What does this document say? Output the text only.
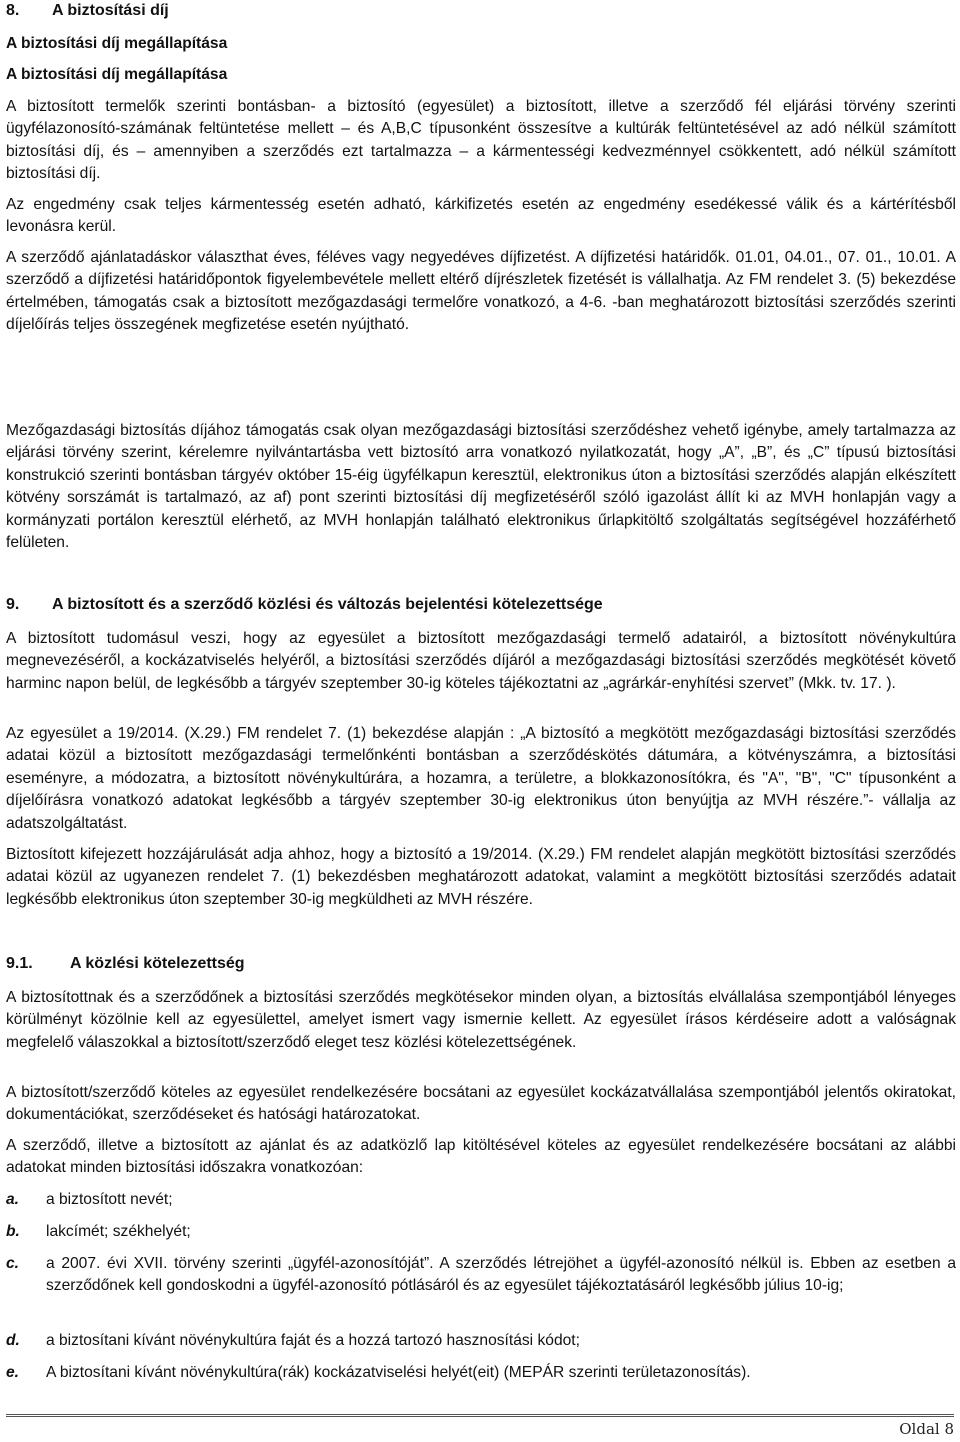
8. A biztosítási díj
A biztosítási díj megállapítása
A biztosítási díj megállapítása

A biztosított termelők szerinti bontásban- a biztosító (egyesület) a biztosított, illetve a szerződő fél eljárási törvény szerinti ügyfélazonosító-számának feltüntetése mellett – és A,B,C típusonként összesítve a kultúrák feltüntetésével az adó nélkül számított biztosítási díj, és – amennyiben a szerződés ezt tartalmazza – a kármentességi kedvezménnyel csökkentett, adó nélkül számított biztosítási díj.

Az engedmény csak teljes kármentesség esetén adható, kárkifizetés esetén az engedmény esedékessé válik és a kártérítésből levonásra kerül.

A szerződő ajánlatadáskor választhat éves, féléves vagy negyedéves díjfizetést. A díjfizetési határidők. 01.01, 04.01., 07. 01., 10.01. A szerződő a díjfizetési határidőpontok figyelembevétele mellett eltérő díjrészletek fizetését is vállalhatja. Az FM rendelet 3. (5) bekezdése értelmében, támogatás csak a biztosított mezőgazdasági termelőre vonatkozó, a 4-6. -ban meghatározott biztosítási szerződés szerinti díjelőírás teljes összegének megfizetése esetén nyújtható.

Mezőgazdasági biztosítás díjához támogatás csak olyan mezőgazdasági biztosítási szerződéshez vehető igénybe, amely tartalmazza az eljárási törvény szerint, kérelemre nyilvántartásba vett biztosító arra vonatkozó nyilatkozatát, hogy „A”, „B”, és „C” típusú biztosítási konstrukció szerinti bontásban tárgyév október 15-éig ügyfélkapun keresztül, elektronikus úton a biztosítási szerződés alapján elkészített kötvény sorszámát is tartalmazó, az af) pont szerinti biztosítási díj megfizetéséről szóló igazolást állít ki az MVH honlapján vagy a kormányzati portálon keresztül elérhető, az MVH honlapján található elektronikus űrlapkitöltő szolgáltatás segítségével hozzáférhető felületen.

9. A biztosított és a szerződő közlési és változás bejelentési kötelezettsége

A biztosított tudomásul veszi, hogy az egyesület a biztosított mezőgazdasági termelő adatairól, a biztosított növénykultúra megnevezéséről, a kockázatviselés helyéről, a biztosítási szerződés díjáról a mezőgazdasági biztosítási szerződés megkötését követő harminc napon belül, de legkésőbb a tárgyév szeptember 30-ig köteles tájékoztatni az „agrárkár-enyhítési szervet” (Mkk. tv. 17. ).

Az egyesület a 19/2014. (X.29.) FM rendelet 7. (1) bekezdése alapján : „A biztosító a megkötött mezőgazdasági biztosítási szerződés adatai közül a biztosított mezőgazdasági termelőnkénti bontásban a szerződéskötés dátumára, a kötvényszámra, a biztosítási eseményre, a módozatra, a biztosított növénykultúrára, a hozamra, a területre, a blokkazonosítókra, és "A", "B", "C" típusonként a díjelőírásra vonatkozó adatokat legkésőbb a tárgyév szeptember 30-ig elektronikus úton benyújtja az MVH részére.”- vállalja az adatszolgáltatást.

Biztosított kifejezett hozzájárulását adja ahhoz, hogy a biztosító a 19/2014. (X.29.) FM rendelet alapján megkötött biztosítási szerződés adatai közül az ugyanezen rendelet 7. (1) bekezdésben meghatározott adatokat, valamint a megkötött biztosítási szerződés adatait legkésőbb elektronikus úton szeptember 30-ig megküldheti az MVH részére.

9.1. A közlési kötelezettség

A biztosítottnak és a szerződőnek a biztosítási szerződés megkötésekor minden olyan, a biztosítás elvállalása szempontjából lényeges körülményt közölnie kell az egyesülettel, amelyet ismert vagy ismernie kellett. Az egyesület írásos kérdéseire adott a valóságnak megfelelő válaszokkal a biztosított/szerződő eleget tesz közlési kötelezettségének.

A biztosított/szerződő köteles az egyesület rendelkezésére bocsátani az egyesület kockázatvállalása szempontjából jelentős okiratokat, dokumentációkat, szerződéseket és hatósági határozatokat.

A szerződő, illetve a biztosított az ajánlat és az adatközlő lap kitöltésével köteles az egyesület rendelkezésére bocsátani az alábbi adatokat minden biztosítási időszakra vonatkozóan:

a. a biztosított nevét;
b. lakcímét; székhelyét;
c. a 2007. évi XVII. törvény szerinti „ügyfél-azonosítóját”. A szerződés létrejöhet a ügyfél-azonosító nélkül is. Ebben az esetben a szerződőnek kell gondoskodni a ügyfél-azonosító pótlásáról és az egyesület tájékoztatásáról legkésőbb július 10-ig;
d. a biztosítani kívánt növénykultúra faját és a hozzá tartozó hasznosítási kódot;
e. A biztosítani kívánt növénykultúra(rák) kockázatviselési helyét(eit) (MEPÁR szerinti területazonosítás).
Oldal 8
